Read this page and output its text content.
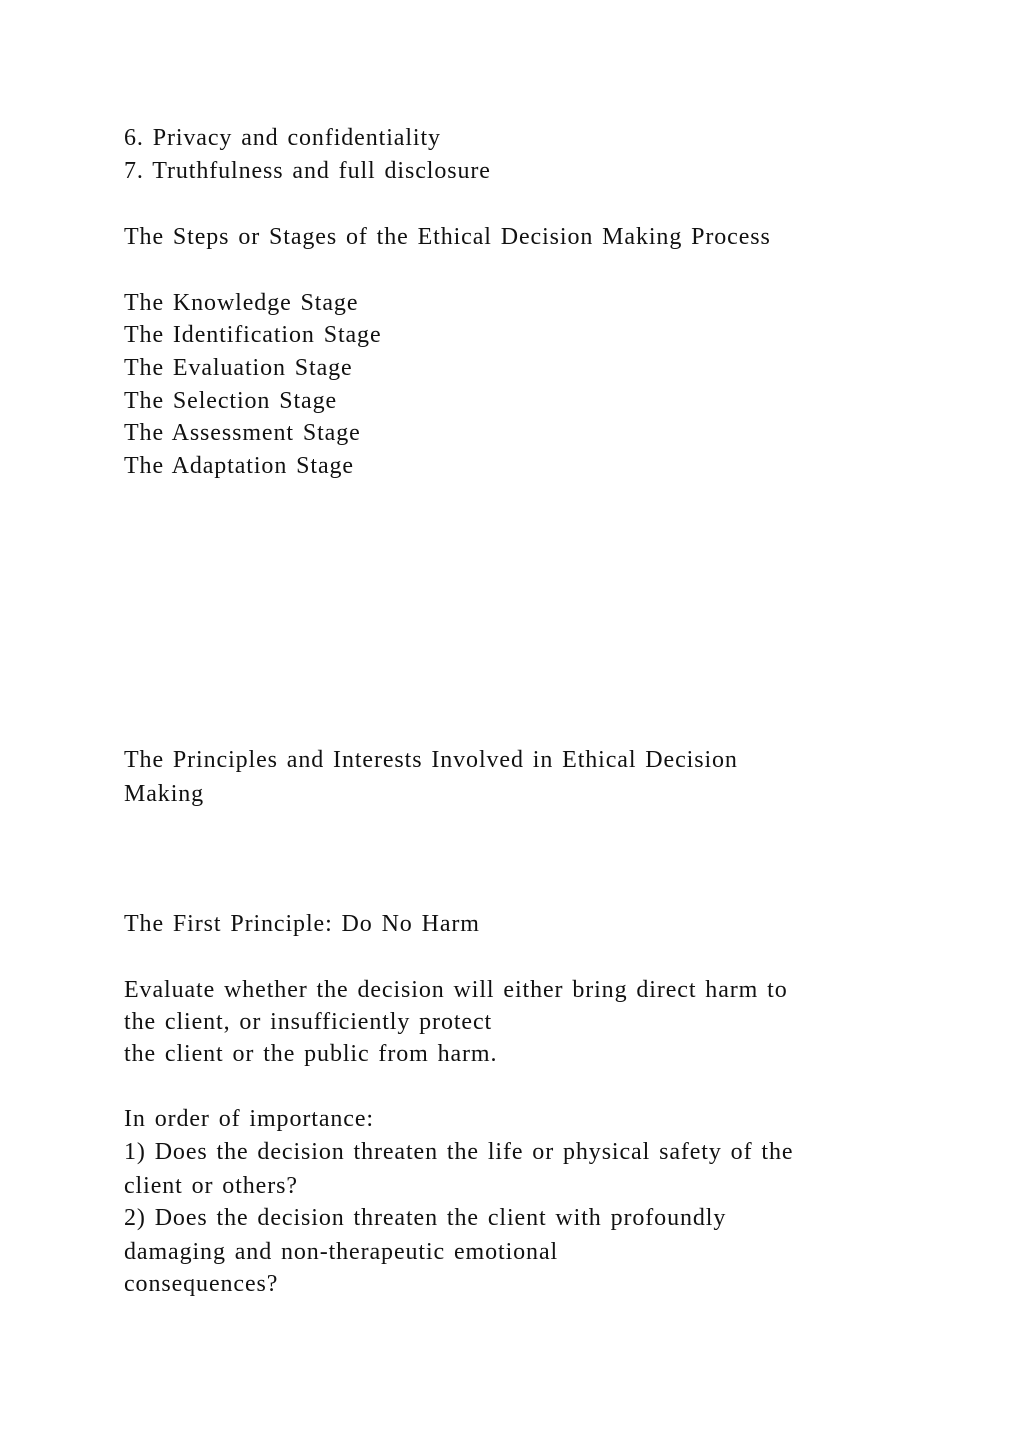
6. Privacy and confidentiality
7. Truthfulness and full disclosure
The Steps or Stages of the Ethical Decision Making Process
The Knowledge Stage
The Identification Stage
The Evaluation Stage
The Selection Stage
The Assessment Stage
The Adaptation Stage
The Principles and Interests Involved in Ethical Decision
Making
The First Principle: Do No Harm
Evaluate whether the decision will either bring direct harm to
the client, or insufficiently protect
the client or the public from harm.
In order of importance:
1) Does the decision threaten the life or physical safety of the
client or others?
2) Does the decision threaten the client with profoundly
damaging and non-therapeutic emotional
consequences?
